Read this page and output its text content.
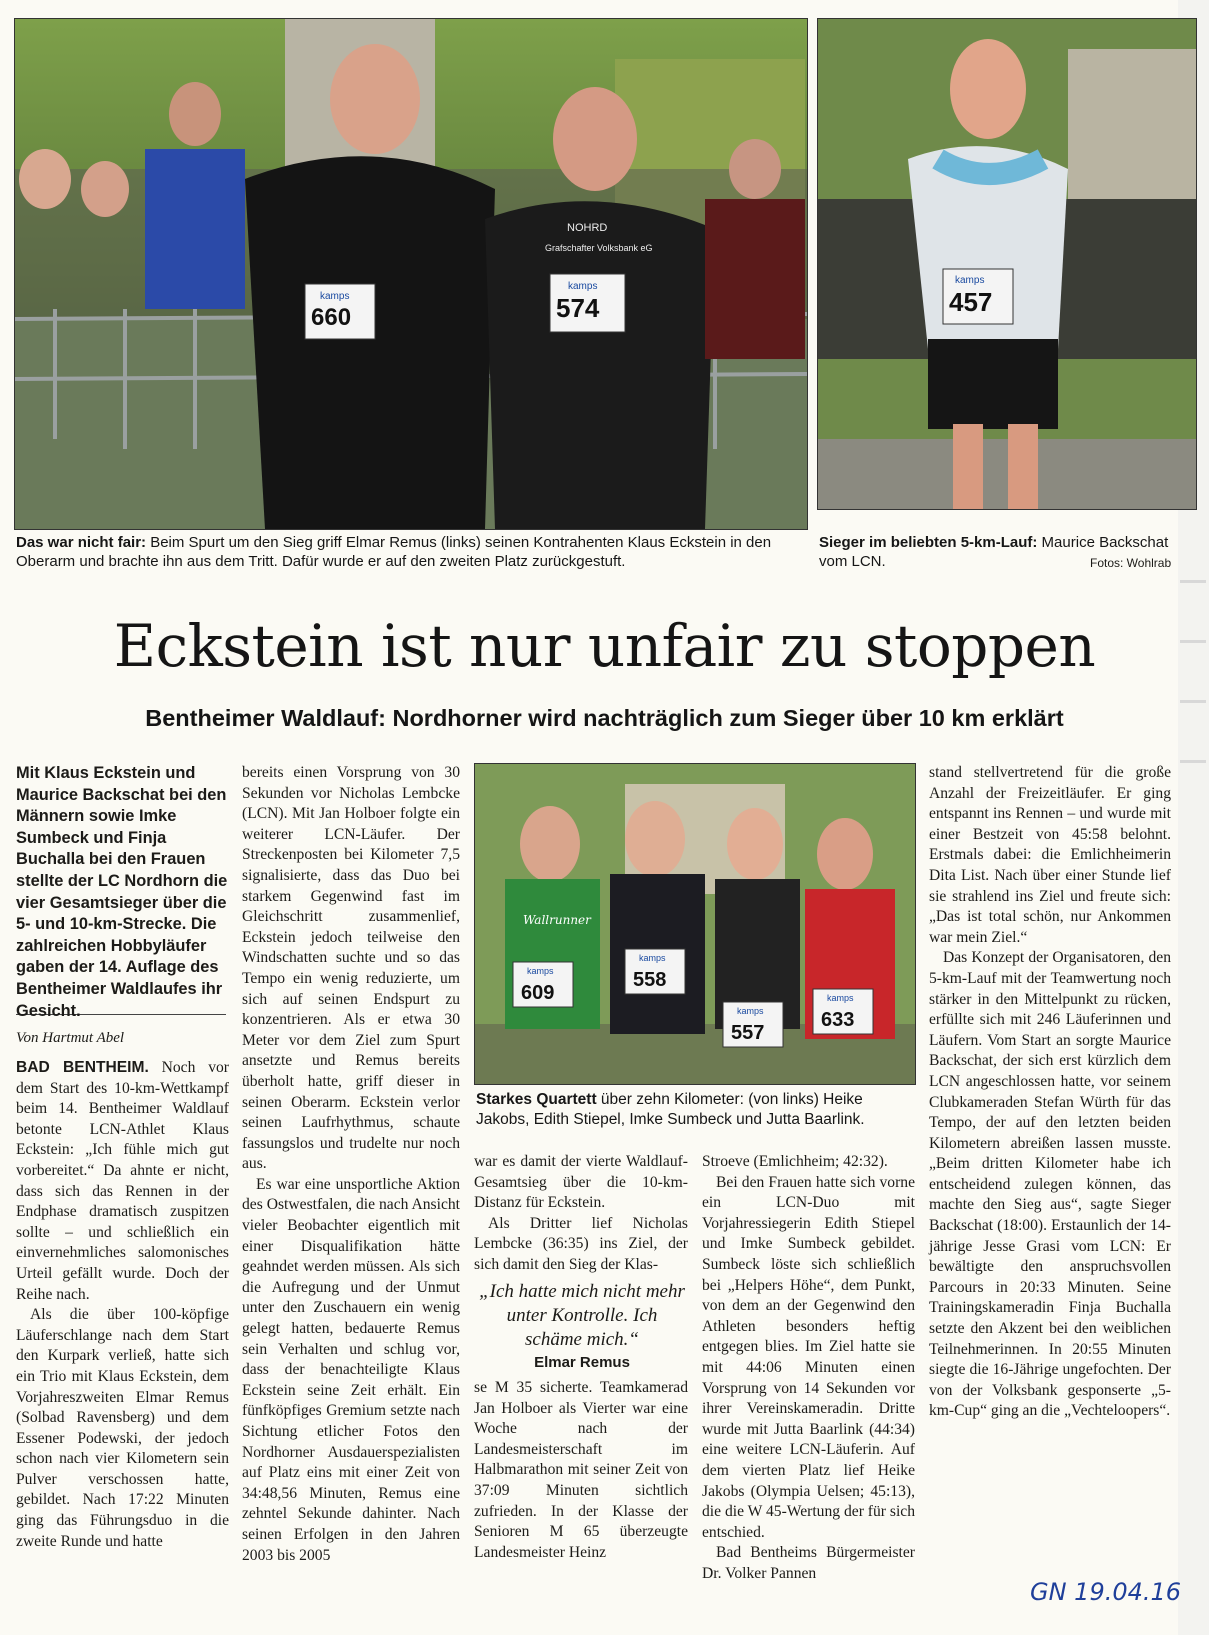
kamps
660
kamps
574
NOHRD
Grafschafter Volksbank eG
kamps
457
Das war nicht fair: Beim Spurt um den Sieg griff Elmar Remus (links) seinen Kontrahenten Klaus Eckstein in den Oberarm und brachte ihn aus dem Tritt. Dafür wurde er auf den zweiten Platz zurückgestuft.
Sieger im beliebten 5-km-Lauf: Maurice Backschat vom LCN.	Fotos: Wohlrab
Eckstein ist nur unfair zu stoppen
Bentheimer Waldlauf: Nordhorner wird nachträglich zum Sieger über 10 km erklärt
Mit Klaus Eckstein und Maurice Backschat bei den Männern sowie Imke Sumbeck und Finja Buchalla bei den Frauen stellte der LC Nordhorn die vier Gesamtsieger über die 5- und 10-km-Strecke. Die zahlreichen Hobbyläufer gaben der 14. Auflage des Bentheimer Waldlaufes ihr Gesicht.
Von Hartmut Abel

BAD BENTHEIM. Noch vor dem Start des 10-km-Wettkampf beim 14. Bentheimer Waldlauf betonte LCN-Athlet Klaus Eckstein: „Ich fühle mich gut vorbereitet.“ Da ahnte er nicht, dass sich das Rennen in der Endphase dramatisch zuspitzen sollte – und schließlich ein einvernehmliches salomonisches Urteil gefällt wurde. Doch der Reihe nach.

Als die über 100-köpfige Läuferschlange nach dem Start den Kurpark verließ, hatte sich ein Trio mit Klaus Eckstein, dem Vorjahreszweiten Elmar Remus (Solbad Ravensberg) und dem Essener Podewski, der jedoch schon nach vier Kilometern sein Pulver verschossen hatte, gebildet. Nach 17:22 Minuten ging das Führungsduo in die zweite Runde und hatte

bereits einen Vorsprung von 30 Sekunden vor Nicholas Lembcke (LCN). Mit Jan Holboer folgte ein weiterer LCN-Läufer. Der Streckenposten bei Kilometer 7,5 signalisierte, dass das Duo bei starkem Gegenwind fast im Gleichschritt zusammenlief, Eckstein jedoch teilweise den Windschatten suchte und so das Tempo ein wenig reduzierte, um sich auf seinen Endspurt zu konzentrieren. Als er etwa 30 Meter vor dem Ziel zum Spurt ansetzte und Remus bereits überholt hatte, griff dieser in seinen Oberarm. Eckstein verlor seinen Laufrhythmus, schaute fassungslos und trudelte nur noch aus.

Es war eine unsportliche Aktion des Ostwestfalen, die nach Ansicht vieler Beobachter eigentlich mit einer Disqualifikation hätte geahndet werden müssen. Als sich die Aufregung und der Unmut unter den Zuschauern ein wenig gelegt hatten, bedauerte Remus sein Verhalten und schlug vor, dass der benachteiligte Klaus Eckstein seine Zeit erhält. Ein fünfköpfiges Gremium setzte nach Sichtung etlicher Fotos den Nordhorner Ausdauerspezialisten auf Platz eins mit einer Zeit von 34:48,56 Minuten, Remus eine zehntel Sekunde dahinter. Nach seinen Erfolgen in den Jahren 2003 bis 2005

kamps
609
kamps
558
kamps
557
kamps
633
Wallrunner
Starkes Quartett über zehn Kilometer: (von links) Heike Jakobs, Edith Stiepel, Imke Sumbeck und Jutta Baarlink.

war es damit der vierte Waldlauf-Gesamtsieg über die 10-km-Distanz für Eckstein.

Als Dritter lief Nicholas Lembcke (36:35) ins Ziel, der sich damit den Sieg der Klas-

„Ich hatte mich nicht mehr unter Kontrolle. Ich schäme mich.“
Elmar Remus

se M 35 sicherte. Teamkamerad Jan Holboer als Vierter war eine Woche nach der Landesmeisterschaft im Halbmarathon mit seiner Zeit von 37:09 Minuten sichtlich zufrieden. In der Klasse der Senioren M 65 überzeugte Landesmeister Heinz

Stroeve (Emlichheim; 42:32).

Bei den Frauen hatte sich vorne ein LCN-Duo mit Vorjahressiegerin Edith Stiepel und Imke Sumbeck gebildet. Sumbeck löste sich schließlich bei „Helpers Höhe“, dem Punkt, von dem an der Gegenwind den Athleten besonders heftig entgegen blies. Im Ziel hatte sie mit 44:06 Minuten einen Vorsprung von 14 Sekunden vor ihrer Vereinskameradin. Dritte wurde mit Jutta Baarlink (44:34) eine weitere LCN-Läuferin. Auf dem vierten Platz lief Heike Jakobs (Olympia Uelsen; 45:13), die die W 45-Wertung der für sich entschied.

Bad Bentheims Bürgermeister Dr. Volker Pannen

stand stellvertretend für die große Anzahl der Freizeitläufer. Er ging entspannt ins Rennen – und wurde mit einer Bestzeit von 45:58 belohnt. Erstmals dabei: die Emlichheimerin Dita List. Nach über einer Stunde lief sie strahlend ins Ziel und freute sich: „Das ist total schön, nur Ankommen war mein Ziel.“

Das Konzept der Organisatoren, den 5-km-Lauf mit der Teamwertung noch stärker in den Mittelpunkt zu rücken, erfüllte sich mit 246 Läuferinnen und Läufern. Vom Start an sorgte Maurice Backschat, der sich erst kürzlich dem LCN angeschlossen hatte, vor seinem Clubkameraden Stefan Würth für das Tempo, der auf den letzten beiden Kilometern abreißen lassen musste. „Beim dritten Kilometer habe ich entscheidend zulegen können, das machte den Sieg aus“, sagte Sieger Backschat (18:00). Erstaunlich der 14-jährige Jesse Grasi vom LCN: Er bewältigte den anspruchsvollen Parcours in 20:33 Minuten. Seine Trainingskameradin Finja Buchalla setzte den Akzent bei den weiblichen Teilnehmerinnen. In 20:55 Minuten siegte die 16-Jährige ungefochten. Der von der Volksbank gesponserte „5-km-Cup“ ging an die „Vechteloopers“.

GN 19.04.16
